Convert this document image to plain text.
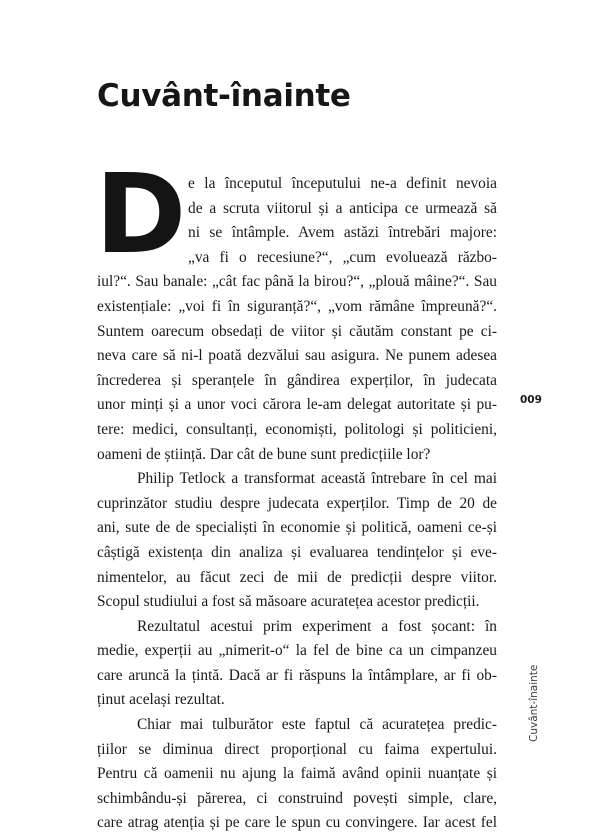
Cuvânt-înainte
D e la începutul începutului ne-a definit nevoia
de a scruta viitorul și a anticipa ce urmează să
ni se întâmple. Avem astăzi întrebări majore:
„va fi o recesiune?“, „cum evoluează războ-
iul?“. Sau banale: „cât fac până la birou?“, „plouă mâine?“. Sau
existențiale: „voi fi în siguranță?“, „vom rămâne împreună?“.
Suntem oarecum obsedați de viitor și căutăm constant pe ci-
neva care să ni-l poată dezvălui sau asigura. Ne punem adesea
încrederea și speranțele în gândirea experților, în judecata
unor minți și a unor voci cărora le-am delegat autoritate și pu-
tere: medici, consultanți, economiști, politologi și politicieni,
oameni de știință. Dar cât de bune sunt predicțiile lor?
Philip Tetlock a transformat această întrebare în cel mai
cuprinzător studiu despre judecata experților. Timp de 20 de
ani, sute de de specialiști în economie și politică, oameni ce-și
câștigă existența din analiza și evaluarea tendințelor și eve-
nimentelor, au făcut zeci de mii de predicții despre viitor.
Scopul studiului a fost să măsoare acuratețea acestor predicții.
Rezultatul acestui prim experiment a fost șocant: în
medie, experții au „nimerit-o“ la fel de bine ca un cimpanzeu
care aruncă la țintă. Dacă ar fi răspuns la întâmplare, ar fi ob-
ținut același rezultat.
Chiar mai tulburător este faptul că acuratețea predic-
țiilor se diminua direct proporțional cu faima expertului.
Pentru că oamenii nu ajung la faimă având opinii nuanțate și
schimbându-și părerea, ci construind povești simple, clare,
care atrag atenția și pe care le spun cu convingere. Iar acest fel
009
Cuvânt-înainte
